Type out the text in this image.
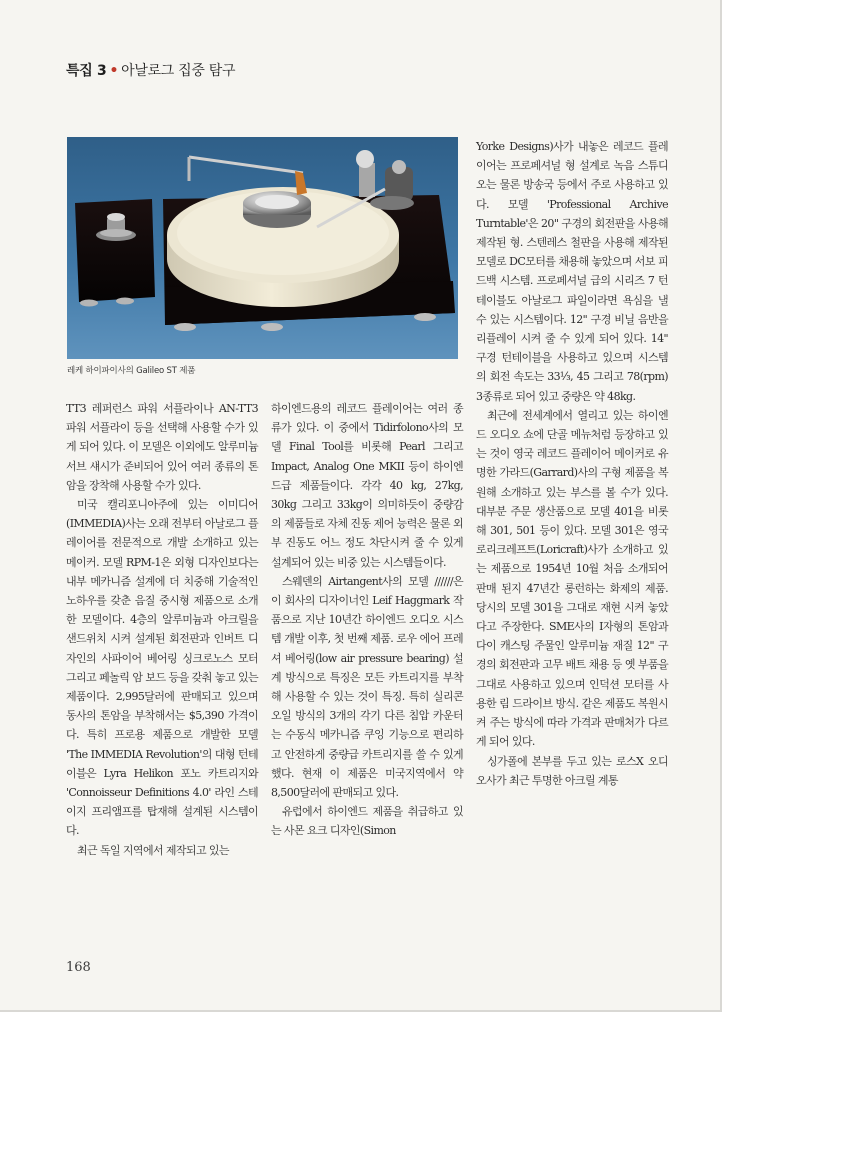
특집 3 • 아날로그 집중 탐구
레케 하이파이사의 Galileo ST 제품

TT3 레퍼런스 파워 서플라이나 AN-TT3 파워 서플라이 등을 선택해 사용할 수가 있게 되어 있다. 이 모델은 이외에도 알루미늄 서브 섀시가 준비되어 있어 여러 종류의 톤암을 장착해 사용할 수가 있다.

미국 캘리포니아주에 있는 이미디어(IMMEDIA)사는 오래 전부터 아날로그 플레이어를 전문적으로 개발 소개하고 있는 메이커. 모델 RPM-1은 외형 디자인보다는 내부 메카니즘 설계에 더 치중해 기술적인 노하우를 갖춘 음질 중시형 제품으로 소개한 모델이다. 4층의 알루미늄과 아크릴을 샌드위치 시켜 설계된 회전판과 인버트 디자인의 사파이어 베어링 싱크로노스 모터 그리고 페놀릭 암 보드 등을 갖춰 놓고 있는 제품이다. 2,995달러에 판매되고 있으며 동사의 톤암을 부착해서는 $5,390 가격이다. 특히 프로용 제품으로 개발한 모델 'The IMMEDIA Revolution'의 대형 턴테이블은 Lyra Helikon 포노 카트리지와 'Connoisseur Definitions 4.0' 라인 스테이지 프리앰프를 탑재해 설계된 시스템이다.

최근 독일 지역에서 제작되고 있는

하이엔드용의 레코드 플레이어는 여러 종류가 있다. 이 중에서 Tidirfolono사의 모델 Final Tool를 비롯해 Pearl 그리고 Impact, Analog One MKII 등이 하이엔드급 제품들이다. 각각 40 kg, 27kg, 30kg 그리고 33kg이 의미하듯이 중량감의 제품들로 자체 진동 제어 능력은 물론 외부 진동도 어느 정도 차단시켜 줄 수 있게 설계되어 있는 비중 있는 시스템들이다.

스웨덴의 Airtangent사의 모델 //////은 이 회사의 디자이너인 Leif Haggmark 작품으로 지난 10년간 하이엔드 오디오 시스템 개발 이후, 첫 번째 제품. 로우 에어 프레셔 베어링(low air pressure bearing) 설계 방식으로 특징은 모든 카트리지를 부착해 사용할 수 있는 것이 특징. 특히 실리콘 오일 방식의 3개의 각기 다른 침압 카운터는 수동식 메카니즘 쿠잉 기능으로 편리하고 안전하게 중량급 카트리지를 쓸 수 있게 했다. 현재 이 제품은 미국지역에서 약 8,500달러에 판매되고 있다.

유럽에서 하이엔드 제품을 취급하고 있는 사몬 요크 디자인(Simon

Yorke Designs)사가 내놓은 레코드 플레이어는 프로페셔널 형 설계로 녹음 스튜디오는 물론 방송국 등에서 주로 사용하고 있다. 모델 'Professional Archive Turntable'은 20" 구경의 회전판을 사용해 제작된 형. 스텐레스 철판을 사용해 제작된 모델로 DC모터를 채용해 놓았으며 서보 피드백 시스템. 프로페셔널 급의 시리즈 7 턴테이블도 아날로그 파일이라면 욕심을 낼 수 있는 시스템이다. 12" 구경 비닐 음반을 리플레이 시켜 줄 수 있게 되어 있다. 14" 구경 턴테이블을 사용하고 있으며 시스템의 회전 속도는 33⅓, 45 그리고 78(rpm) 3종류로 되어 있고 중량은 약 48kg.

최근에 전세계에서 열리고 있는 하이엔드 오디오 쇼에 단골 메뉴처럼 등장하고 있는 것이 영국 레코드 플레이어 메이커로 유명한 가라드(Garrard)사의 구형 제품을 복원해 소개하고 있는 부스를 볼 수가 있다. 대부분 주문 생산품으로 모델 401을 비롯해 301, 501 등이 있다. 모델 301은 영국 로리크레프트(Loricraft)사가 소개하고 있는 제품으로 1954년 10월 처음 소개되어 판매 된지 47년간 롱런하는 화제의 제품. 당시의 모델 301을 그대로 재현 시켜 놓았다고 주장한다. SME사의 I자형의 톤암과 다이 캐스팅 주물인 알루미늄 재질 12" 구경의 회전판과 고무 배트 채용 등 옛 부품을 그대로 사용하고 있으며 인덕션 모터를 사용한 림 드라이브 방식. 같은 제품도 복원시켜 주는 방식에 따라 가격과 판매처가 다르게 되어 있다.

싱가폴에 본부를 두고 있는 로스X 오디오사가 최근 투명한 아크릴 계통

168
